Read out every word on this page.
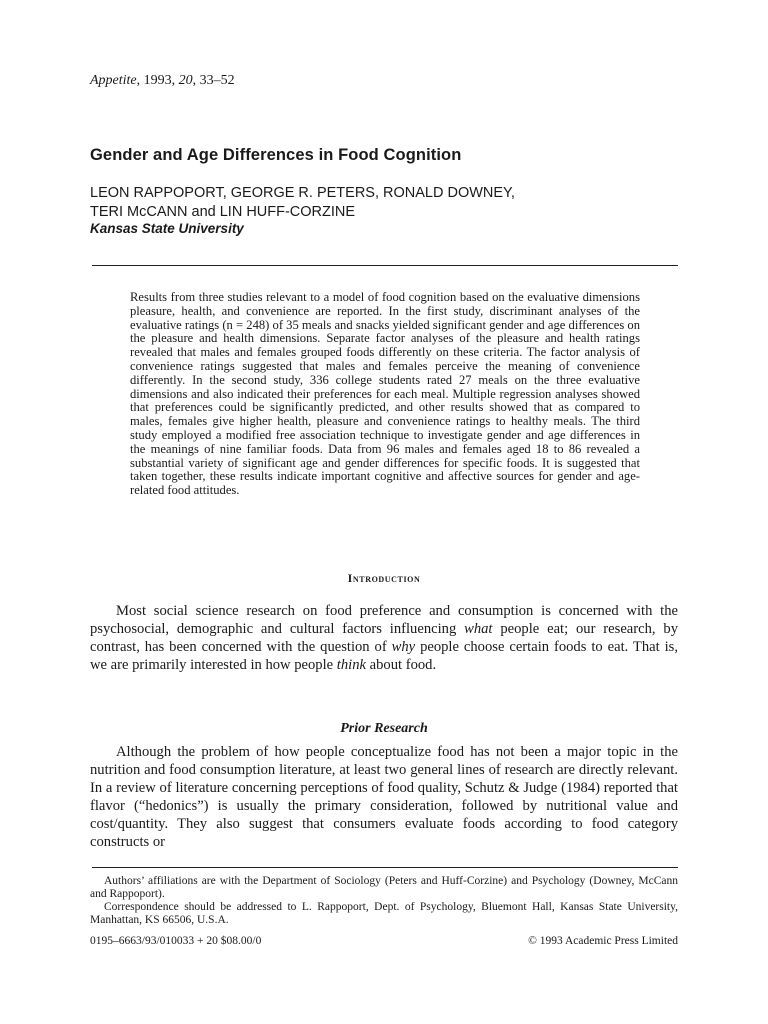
Appetite, 1993, 20, 33–52

Gender and Age Differences in Food Cognition
LEON RAPPOPORT, GEORGE R. PETERS, RONALD DOWNEY,
TERI McCANN and LIN HUFF-CORZINE

Kansas State University

Results from three studies relevant to a model of food cognition based on the evaluative dimensions pleasure, health, and convenience are reported. In the first study, discriminant analyses of the evaluative ratings (n = 248) of 35 meals and snacks yielded significant gender and age differences on the pleasure and health dimensions. Separate factor analyses of the pleasure and health ratings revealed that males and females grouped foods differently on these criteria. The factor analysis of convenience ratings suggested that males and females perceive the meaning of convenience differently. In the second study, 336 college students rated 27 meals on the three evaluative dimensions and also indicated their preferences for each meal. Multiple regression analyses showed that preferences could be significantly predicted, and other results showed that as compared to males, females give higher health, pleasure and convenience ratings to healthy meals. The third study employed a modified free association technique to investigate gender and age differences in the meanings of nine familiar foods. Data from 96 males and females aged 18 to 86 revealed a substantial variety of significant age and gender differences for specific foods. It is suggested that taken together, these results indicate important cognitive and affective sources for gender and age-related food attitudes.

Introduction

Most social science research on food preference and consumption is concerned with the psychosocial, demographic and cultural factors influencing what people eat; our research, by contrast, has been concerned with the question of why people choose certain foods to eat. That is, we are primarily interested in how people think about food.

Prior Research

Although the problem of how people conceptualize food has not been a major topic in the nutrition and food consumption literature, at least two general lines of research are directly relevant. In a review of literature concerning perceptions of food quality, Schutz & Judge (1984) reported that flavor (“hedonics”) is usually the primary consideration, followed by nutritional value and cost/quantity. They also suggest that consumers evaluate foods according to food category constructs or

Authors’ affiliations are with the Department of Sociology (Peters and Huff-Corzine) and Psychology (Downey, McCann and Rappoport).

Correspondence should be addressed to L. Rappoport, Dept. of Psychology, Bluemont Hall, Kansas State University, Manhattan, KS 66506, U.S.A.

0195–6663/93/010033 + 20 $08.00/0	© 1993 Academic Press Limited
